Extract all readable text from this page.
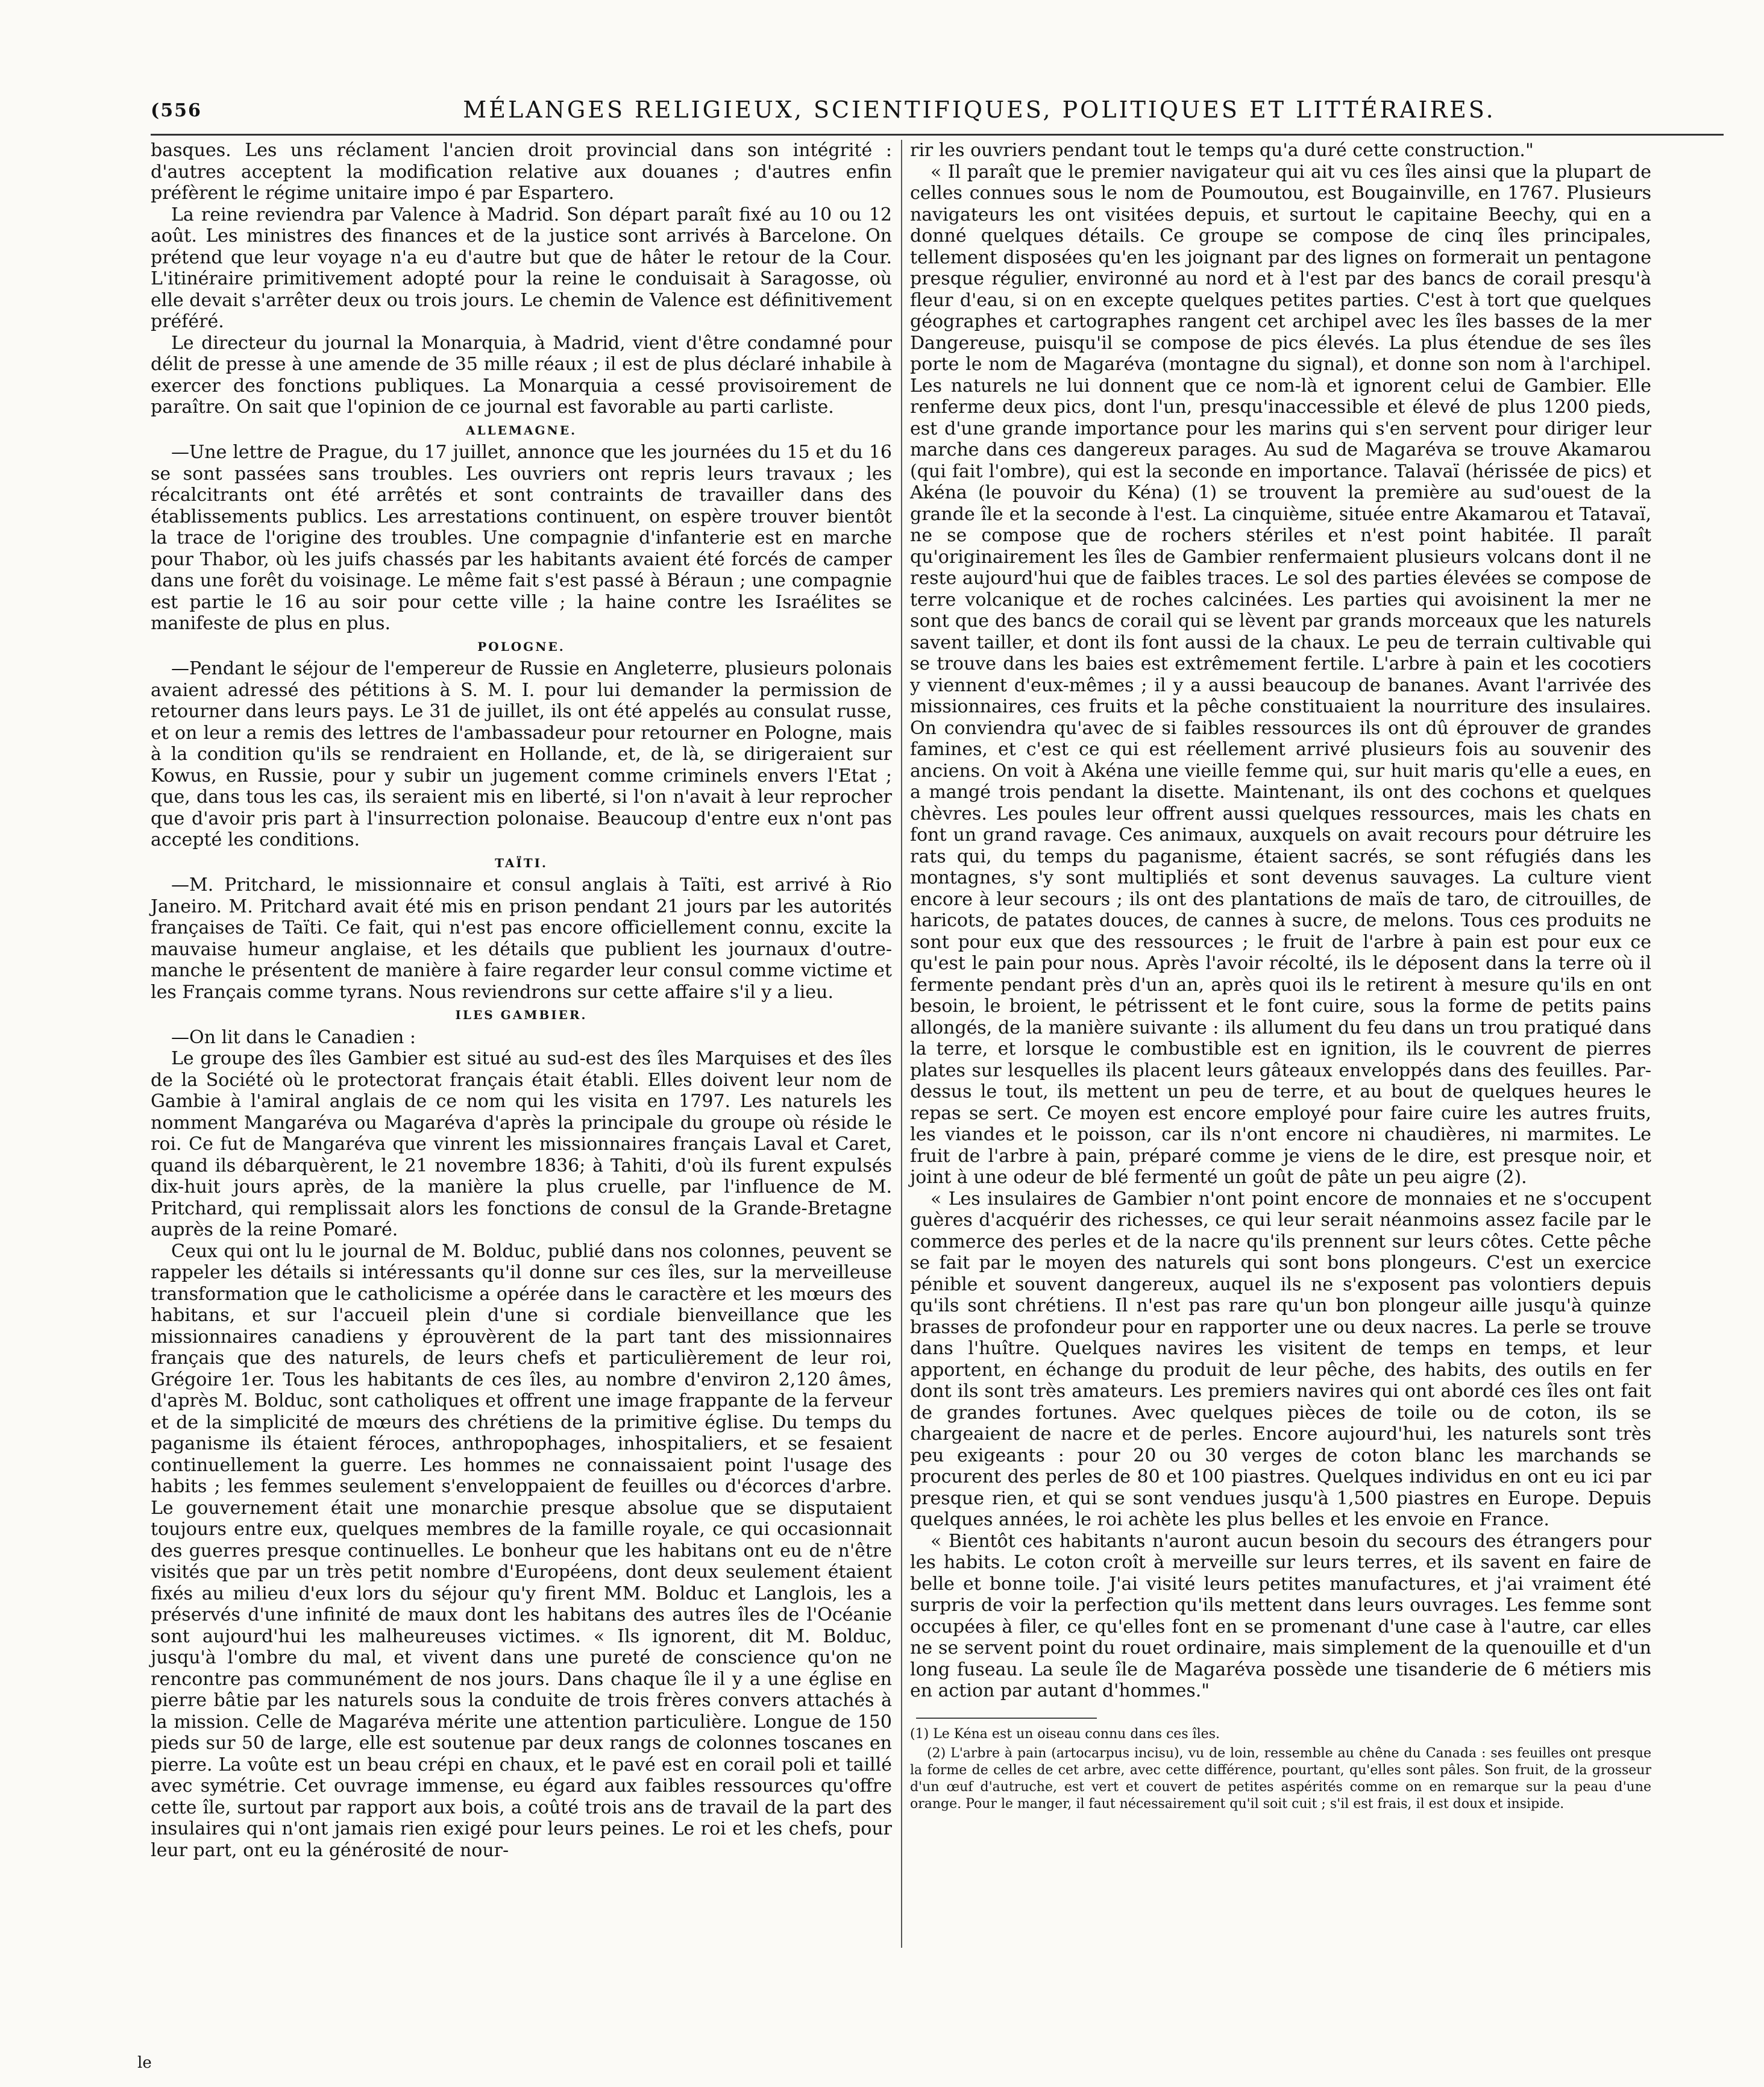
(556	MÉLANGES RELIGIEUX, SCIENTIFIQUES, POLITIQUES ET LITTÉRAIRES.

basques. Les uns réclament l'ancien droit provincial dans son intégrité : d'autres acceptent la modification relative aux douanes ; d'autres enfin préfèrent le régime unitaire impo é par Espartero.

La reine reviendra par Valence à Madrid. Son départ paraît fixé au 10 ou 12 août. Les ministres des finances et de la justice sont arrivés à Barcelone. On prétend que leur voyage n'a eu d'autre but que de hâter le retour de la Cour. L'itinéraire primitivement adopté pour la reine le conduisait à Saragosse, où elle devait s'arrêter deux ou trois jours. Le chemin de Valence est définitivement préféré.

Le directeur du journal la Monarquia, à Madrid, vient d'être condamné pour délit de presse à une amende de 35 mille réaux ; il est de plus déclaré inhabile à exercer des fonctions publiques. La Monarquia a cessé provisoirement de paraître. On sait que l'opinion de ce journal est favorable au parti carliste.

ALLEMAGNE.

—Une lettre de Prague, du 17 juillet, annonce que les journées du 15 et du 16 se sont passées sans troubles. Les ouvriers ont repris leurs travaux ; les récalcitrants ont été arrêtés et sont contraints de travailler dans des établissements publics. Les arrestations continuent, on espère trouver bientôt la trace de l'origine des troubles. Une compagnie d'infanterie est en marche pour Thabor, où les juifs chassés par les habitants avaient été forcés de camper dans une forêt du voisinage. Le même fait s'est passé à Béraun ; une compagnie est partie le 16 au soir pour cette ville ; la haine contre les Israélites se manifeste de plus en plus.

POLOGNE.

—Pendant le séjour de l'empereur de Russie en Angleterre, plusieurs polonais avaient adressé des pétitions à S. M. I. pour lui demander la permission de retourner dans leurs pays. Le 31 de juillet, ils ont été appelés au consulat russe, et on leur a remis des lettres de l'ambassadeur pour retourner en Pologne, mais à la condition qu'ils se rendraient en Hollande, et, de là, se dirigeraient sur Kowus, en Russie, pour y subir un jugement comme criminels envers l'Etat ; que, dans tous les cas, ils seraient mis en liberté, si l'on n'avait à leur reprocher que d'avoir pris part à l'insurrection polonaise. Beaucoup d'entre eux n'ont pas accepté les conditions.

TAÏTI.

—M. Pritchard, le missionnaire et consul anglais à Taïti, est arrivé à Rio Janeiro. M. Pritchard avait été mis en prison pendant 21 jours par les autorités françaises de Taïti. Ce fait, qui n'est pas encore officiellement connu, excite la mauvaise humeur anglaise, et les détails que publient les journaux d'outre-manche le présentent de manière à faire regarder leur consul comme victime et les Français comme tyrans. Nous reviendrons sur cette affaire s'il y a lieu.

ILES GAMBIER.

—On lit dans le Canadien :

Le groupe des îles Gambier est situé au sud-est des îles Marquises et des îles de la Société où le protectorat français était établi. Elles doivent leur nom de Gambie à l'amiral anglais de ce nom qui les visita en 1797. Les naturels les nomment Mangaréva ou Magaréva d'après la principale du groupe où réside le roi. Ce fut de Mangaréva que vinrent les missionnaires français Laval et Caret, quand ils débarquèrent, le 21 novembre 1836; à Tahiti, d'où ils furent expulsés dix-huit jours après, de la manière la plus cruelle, par l'influence de M. Pritchard, qui remplissait alors les fonctions de consul de la Grande-Bretagne auprès de la reine Pomaré.

Ceux qui ont lu le journal de M. Bolduc, publié dans nos colonnes, peuvent se rappeler les détails si intéressants qu'il donne sur ces îles, sur la merveilleuse transformation que le catholicisme a opérée dans le caractère et les mœurs des habitans, et sur l'accueil plein d'une si cordiale bienveillance que les missionnaires canadiens y éprouvèrent de la part tant des missionnaires français que des naturels, de leurs chefs et particulièrement de leur roi, Grégoire 1er. Tous les habitants de ces îles, au nombre d'environ 2,120 âmes, d'après M. Bolduc, sont catholiques et offrent une image frappante de la ferveur et de la simplicité de mœurs des chrétiens de la primitive église. Du temps du paganisme ils étaient féroces, anthropophages, inhospitaliers, et se fesaient continuellement la guerre. Les hommes ne connaissaient point l'usage des habits ; les femmes seulement s'enveloppaient de feuilles ou d'écorces d'arbre. Le gouvernement était une monarchie presque absolue que se disputaient toujours entre eux, quelques membres de la famille royale, ce qui occasionnait des guerres presque continuelles. Le bonheur que les habitans ont eu de n'être visités que par un très petit nombre d'Européens, dont deux seulement étaient fixés au milieu d'eux lors du séjour qu'y firent MM. Bolduc et Langlois, les a préservés d'une infinité de maux dont les habitans des autres îles de l'Océanie sont aujourd'hui les malheureuses victimes. « Ils ignorent, dit M. Bolduc, jusqu'à l'ombre du mal, et vivent dans une pureté de conscience qu'on ne rencontre pas communément de nos jours. Dans chaque île il y a une église en pierre bâtie par les naturels sous la conduite de trois frères convers attachés à la mission. Celle de Magaréva mérite une attention particulière. Longue de 150 pieds sur 50 de large, elle est soutenue par deux rangs de colonnes toscanes en pierre. La voûte est un beau crépi en chaux, et le pavé est en corail poli et taillé avec symétrie. Cet ouvrage immense, eu égard aux faibles ressources qu'offre cette île, surtout par rapport aux bois, a coûté trois ans de travail de la part des insulaires qui n'ont jamais rien exigé pour leurs peines. Le roi et les chefs, pour leur part, ont eu la générosité de nour-

rir les ouvriers pendant tout le temps qu'a duré cette construction."

« Il paraît que le premier navigateur qui ait vu ces îles ainsi que la plupart de celles connues sous le nom de Poumoutou, est Bougainville, en 1767. Plusieurs navigateurs les ont visitées depuis, et surtout le capitaine Beechy, qui en a donné quelques détails. Ce groupe se compose de cinq îles principales, tellement disposées qu'en les joignant par des lignes on formerait un pentagone presque régulier, environné au nord et à l'est par des bancs de corail presqu'à fleur d'eau, si on en excepte quelques petites parties. C'est à tort que quelques géographes et cartographes rangent cet archipel avec les îles basses de la mer Dangereuse, puisqu'il se compose de pics élevés. La plus étendue de ses îles porte le nom de Magaréva (montagne du signal), et donne son nom à l'archipel. Les naturels ne lui donnent que ce nom-là et ignorent celui de Gambier. Elle renferme deux pics, dont l'un, presqu'inaccessible et élevé de plus 1200 pieds, est d'une grande importance pour les marins qui s'en servent pour diriger leur marche dans ces dangereux parages. Au sud de Magaréva se trouve Akamarou (qui fait l'ombre), qui est la seconde en importance. Talavaï (hérissée de pics) et Akéna (le pouvoir du Kéna) (1) se trouvent la première au sud'ouest de la grande île et la seconde à l'est. La cinquième, située entre Akamarou et Tatavaï, ne se compose que de rochers stériles et n'est point habitée. Il paraît qu'originairement les îles de Gambier renfermaient plusieurs volcans dont il ne reste aujourd'hui que de faibles traces. Le sol des parties élevées se compose de terre volcanique et de roches calcinées. Les parties qui avoisinent la mer ne sont que des bancs de corail qui se lèvent par grands morceaux que les naturels savent tailler, et dont ils font aussi de la chaux. Le peu de terrain cultivable qui se trouve dans les baies est extrêmement fertile. L'arbre à pain et les cocotiers y viennent d'eux-mêmes ; il y a aussi beaucoup de bananes. Avant l'arrivée des missionnaires, ces fruits et la pêche constituaient la nourriture des insulaires. On conviendra qu'avec de si faibles ressources ils ont dû éprouver de grandes famines, et c'est ce qui est réellement arrivé plusieurs fois au souvenir des anciens. On voit à Akéna une vieille femme qui, sur huit maris qu'elle a eues, en a mangé trois pendant la disette. Maintenant, ils ont des cochons et quelques chèvres. Les poules leur offrent aussi quelques ressources, mais les chats en font un grand ravage. Ces animaux, auxquels on avait recours pour détruire les rats qui, du temps du paganisme, étaient sacrés, se sont réfugiés dans les montagnes, s'y sont multipliés et sont devenus sauvages. La culture vient encore à leur secours ; ils ont des plantations de maïs de taro, de citrouilles, de haricots, de patates douces, de cannes à sucre, de melons. Tous ces produits ne sont pour eux que des ressources ; le fruit de l'arbre à pain est pour eux ce qu'est le pain pour nous. Après l'avoir récolté, ils le déposent dans la terre où il fermente pendant près d'un an, après quoi ils le retirent à mesure qu'ils en ont besoin, le broient, le pétrissent et le font cuire, sous la forme de petits pains allongés, de la manière suivante : ils allument du feu dans un trou pratiqué dans la terre, et lorsque le combustible est en ignition, ils le couvrent de pierres plates sur lesquelles ils placent leurs gâteaux enveloppés dans des feuilles. Par-dessus le tout, ils mettent un peu de terre, et au bout de quelques heures le repas se sert. Ce moyen est encore employé pour faire cuire les autres fruits, les viandes et le poisson, car ils n'ont encore ni chaudières, ni marmites. Le fruit de l'arbre à pain, préparé comme je viens de le dire, est presque noir, et joint à une odeur de blé fermenté un goût de pâte un peu aigre (2).

« Les insulaires de Gambier n'ont point encore de monnaies et ne s'occupent guères d'acquérir des richesses, ce qui leur serait néanmoins assez facile par le commerce des perles et de la nacre qu'ils prennent sur leurs côtes. Cette pêche se fait par le moyen des naturels qui sont bons plongeurs. C'est un exercice pénible et souvent dangereux, auquel ils ne s'exposent pas volontiers depuis qu'ils sont chrétiens. Il n'est pas rare qu'un bon plongeur aille jusqu'à quinze brasses de profondeur pour en rapporter une ou deux nacres. La perle se trouve dans l'huître. Quelques navires les visitent de temps en temps, et leur apportent, en échange du produit de leur pêche, des habits, des outils en fer dont ils sont très amateurs. Les premiers navires qui ont abordé ces îles ont fait de grandes fortunes. Avec quelques pièces de toile ou de coton, ils se chargeaient de nacre et de perles. Encore aujourd'hui, les naturels sont très peu exigeants : pour 20 ou 30 verges de coton blanc les marchands se procurent des perles de 80 et 100 piastres. Quelques individus en ont eu ici par presque rien, et qui se sont vendues jusqu'à 1,500 piastres en Europe. Depuis quelques années, le roi achète les plus belles et les envoie en France.

« Bientôt ces habitants n'auront aucun besoin du secours des étrangers pour les habits. Le coton croît à merveille sur leurs terres, et ils savent en faire de belle et bonne toile. J'ai visité leurs petites manufactures, et j'ai vraiment été surpris de voir la perfection qu'ils mettent dans leurs ouvrages. Les femme sont occupées à filer, ce qu'elles font en se promenant d'une case à l'autre, car elles ne se servent point du rouet ordinaire, mais simplement de la quenouille et d'un long fuseau. La seule île de Magaréva possède une tisanderie de 6 métiers mis en action par autant d'hommes."

(1) Le Kéna est un oiseau connu dans ces îles.

(2) L'arbre à pain (artocarpus incisu), vu de loin, ressemble au chêne du Canada : ses feuilles ont presque la forme de celles de cet arbre, avec cette différence, pourtant, qu'elles sont pâles. Son fruit, de la grosseur d'un œuf d'autruche, est vert et couvert de petites aspérités comme on en remarque sur la peau d'une orange. Pour le manger, il faut nécessairement qu'il soit cuit ; s'il est frais, il est doux et insipide.

le
